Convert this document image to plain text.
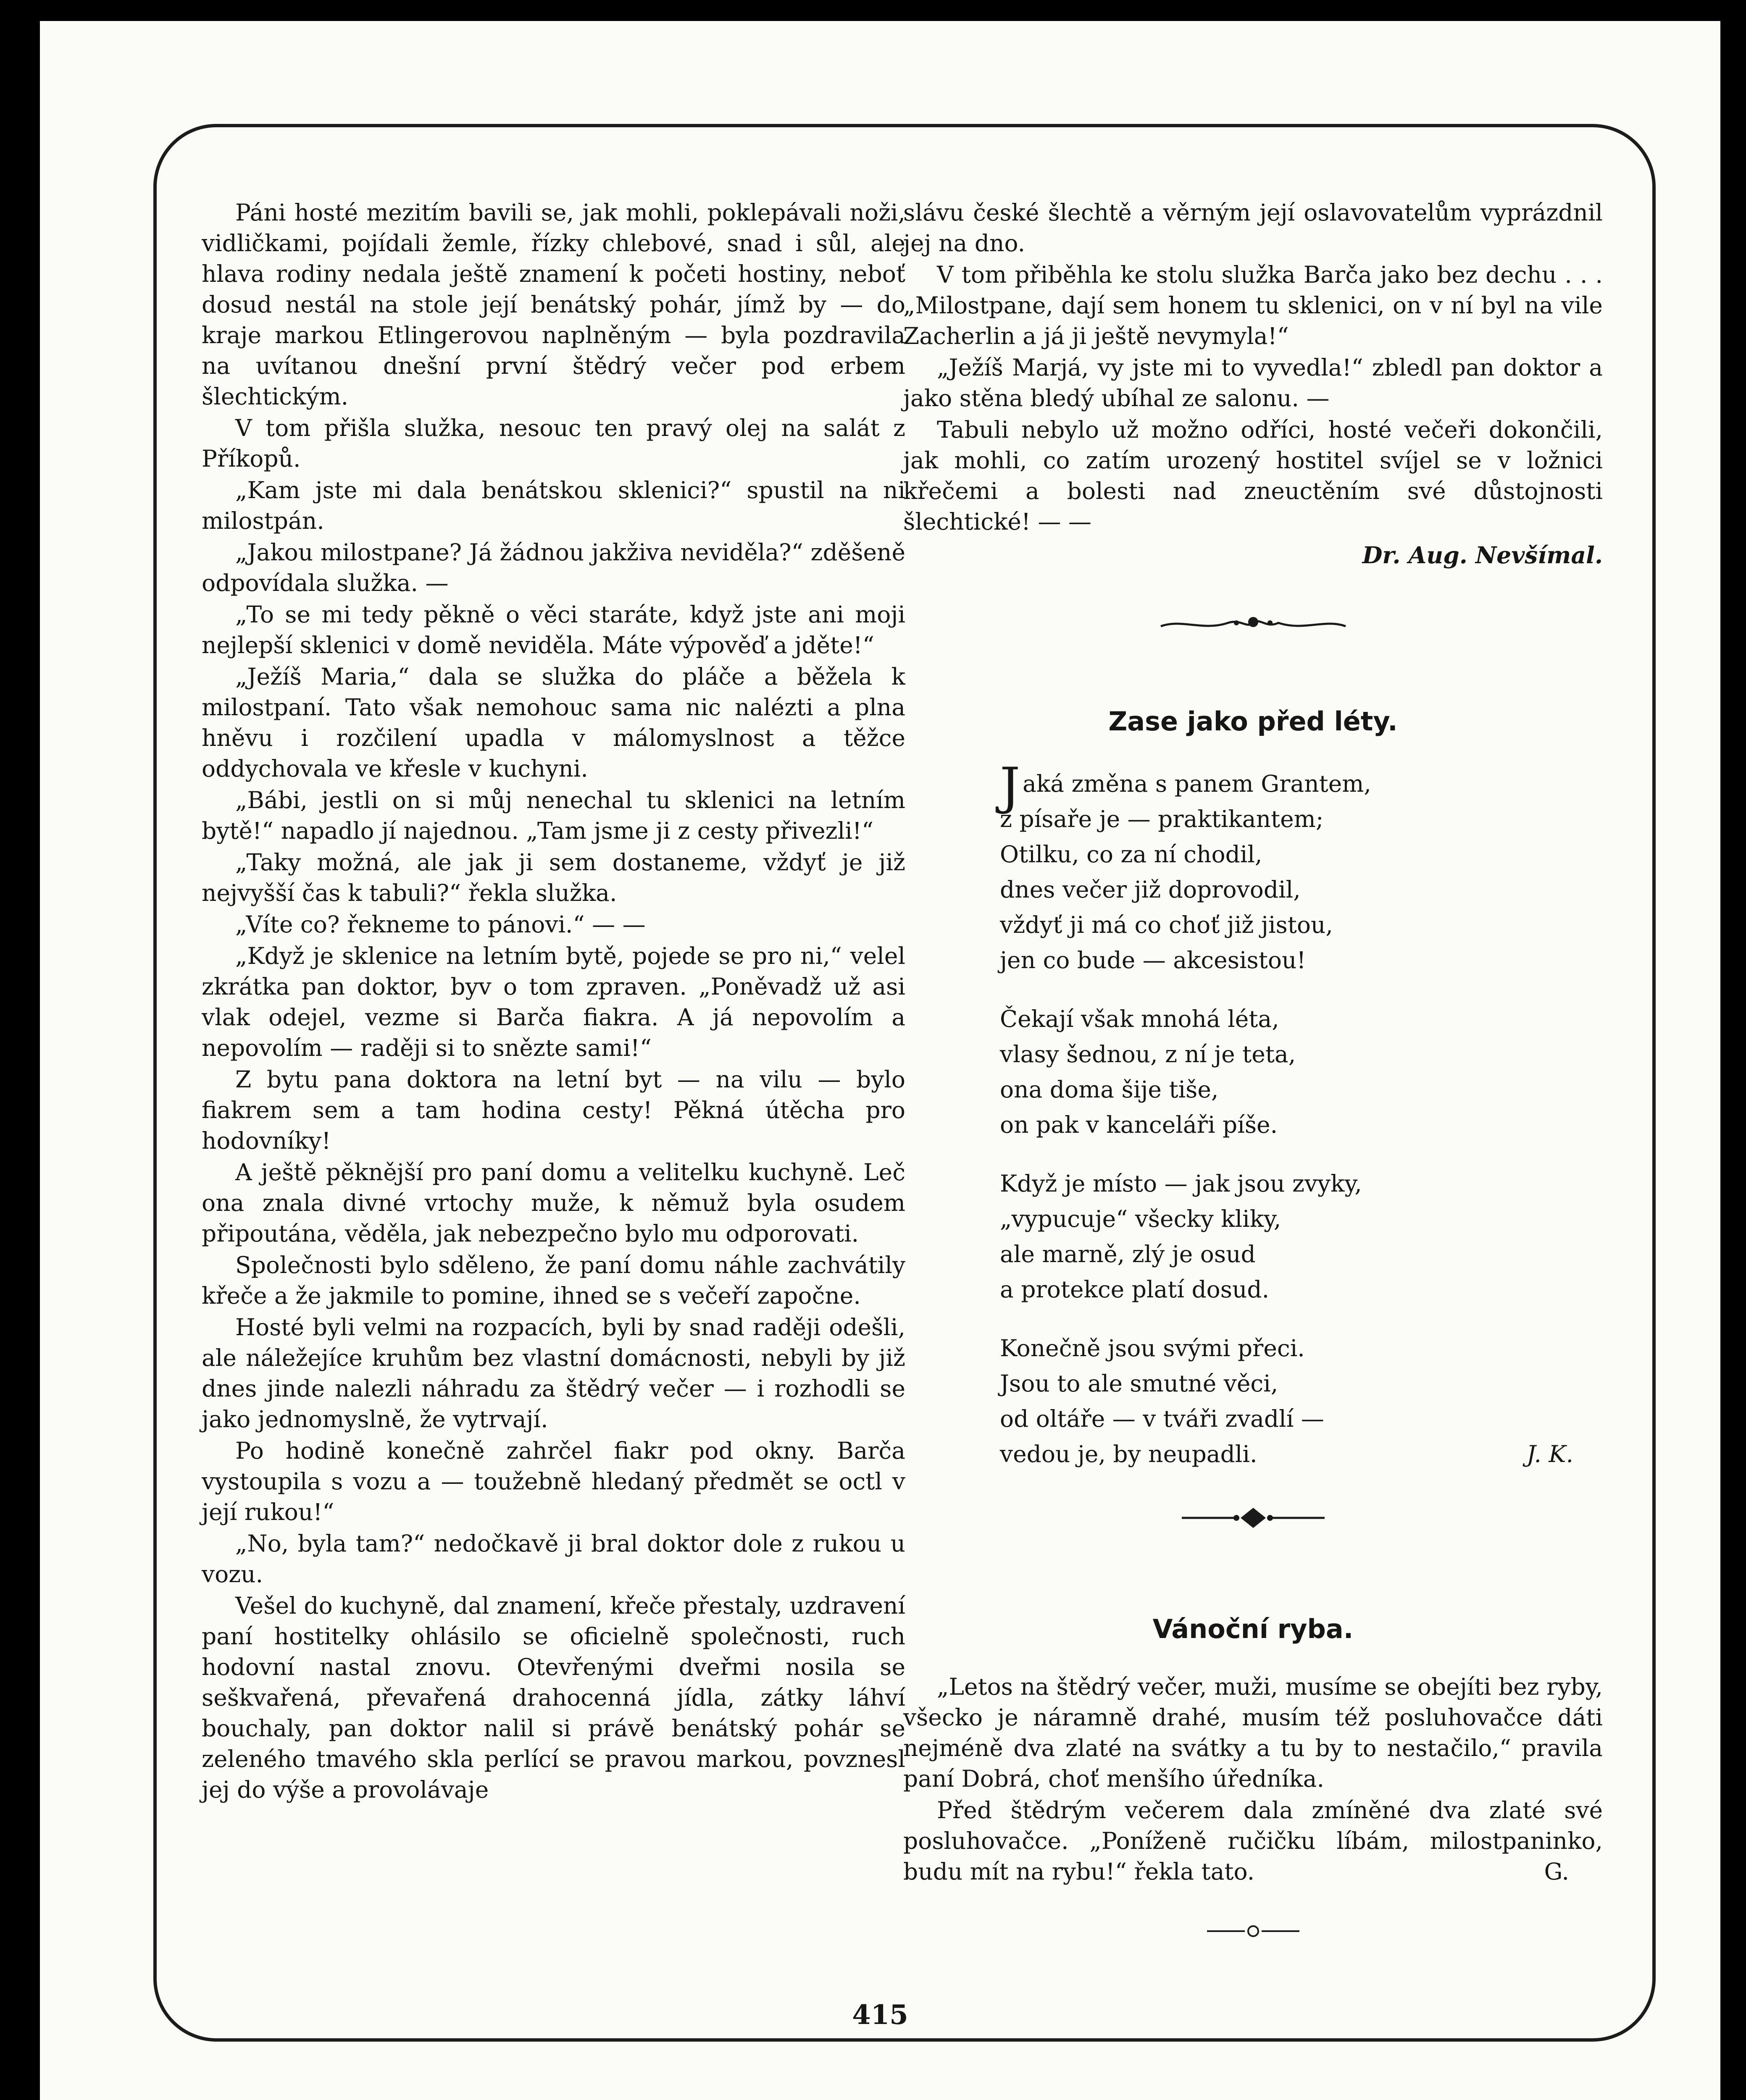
Páni hosté mezitím bavili se, jak mohli, poklepávali noži, vidličkami, pojídali žemle, řízky chlebové, snad i sůl, ale hlava rodiny nedala ještě znamení k početi hostiny, neboť dosud nestál na stole její benátský pohár, jímž by — do kraje markou Etlingerovou naplněným — byla pozdravila na uvítanou dnešní první štědrý večer pod erbem šlechtickým.

V tom přišla služka, nesouc ten pravý olej na salát z Příkopů.

„Kam jste mi dala benátskou sklenici?“ spustil na ni milostpán.

„Jakou milostpane? Já žádnou jakživa neviděla?“ zděšeně odpovídala služka. —

„To se mi tedy pěkně o věci staráte, když jste ani moji nejlepší sklenici v domě neviděla. Máte výpověď a jděte!“

„Ježíš Maria,“ dala se služka do pláče a běžela k milostpaní. Tato však nemohouc sama nic nalézti a plna hněvu i rozčilení upadla v málomyslnost a těžce oddychovala ve křesle v kuchyni.

„Bábi, jestli on si můj nenechal tu sklenici na letním bytě!“ napadlo jí najednou. „Tam jsme ji z cesty přivezli!“

„Taky možná, ale jak ji sem dostaneme, vždyť je již nejvyšší čas k tabuli?“ řekla služka.

„Víte co? řekneme to pánovi.“ — —

„Když je sklenice na letním bytě, pojede se pro ni,“ velel zkrátka pan doktor, byv o tom zpraven. „Poněvadž už asi vlak odejel, vezme si Barča fiakra. A já nepovolím a nepovolím — raději si to snězte sami!“

Z bytu pana doktora na letní byt — na vilu — bylo fiakrem sem a tam hodina cesty! Pěkná útěcha pro hodovníky!

A ještě pěknější pro paní domu a velitelku kuchyně. Leč ona znala divné vrtochy muže, k němuž byla osudem připoutána, věděla, jak nebezpečno bylo mu odporovati.

Společnosti bylo sděleno, že paní domu náhle zachvátily křeče a že jakmile to pomine, ihned se s večeří započne.

Hosté byli velmi na rozpacích, byli by snad raději odešli, ale náležejíce kruhům bez vlastní domácnosti, nebyli by již dnes jinde nalezli náhradu za štědrý večer — i rozhodli se jako jednomyslně, že vytrvají.

Po hodině konečně zahrčel fiakr pod okny. Barča vystoupila s vozu a — toužebně hledaný předmět se octl v její rukou!“

„No, byla tam?“ nedočkavě ji bral doktor dole z rukou u vozu.

Vešel do kuchyně, dal znamení, křeče přestaly, uzdravení paní hostitelky ohlásilo se oficielně společnosti, ruch hodovní nastal znovu. Otevřenými dveřmi nosila se seškvařená, převařená drahocenná jídla, zátky láhví bouchaly, pan doktor nalil si právě benátský pohár se zeleného tmavého skla perlící se pravou markou, povznesl jej do výše a provolávaje

slávu české šlechtě a věrným její oslavovatelům vyprázdnil jej na dno.

V tom přiběhla ke stolu služka Barča jako bez dechu . . . „Milostpane, dají sem honem tu sklenici, on v ní byl na vile Zacherlin a já ji ještě nevymyla!“

„Ježíš Marjá, vy jste mi to vyvedla!“ zbledl pan doktor a jako stěna bledý ubíhal ze salonu. —

Tabuli nebylo už možno odříci, hosté večeři dokončili, jak mohli, co zatím urozený hostitel svíjel se v ložnici křečemi a bolesti nad zneuctěním své důstojnosti šlechtické! — —

Dr. Aug. Nevšímal.
Zase jako před léty.
Jaká změna s panem Grantem,
z písaře je — praktikantem;
Otilku, co za ní chodil,
dnes večer již doprovodil,
vždyť ji má co choť již jistou,
jen co bude — akcesistou!
Čekají však mnohá léta,
vlasy šednou, z ní je teta,
ona doma šije tiše,
on pak v kanceláři píše.
Když je místo — jak jsou zvyky,
„vypucuje“ všecky kliky,
ale marně, zlý je osud
a protekce platí dosud.
Konečně jsou svými přeci.
Jsou to ale smutné věci,
od oltáře — v tváři zvadlí —
vedou je, by neupadli.	J. K.
Vánoční ryba.

„Letos na štědrý večer, muži, musíme se obejíti bez ryby, všecko je náramně drahé, musím též posluhovačce dáti nejméně dva zlaté na svátky a tu by to nestačilo,“ pravila paní Dobrá, choť menšího úředníka.

Před štědrým večerem dala zmíněné dva zlaté své posluhovačce. „Poníženě ručičku líbám, milostpaninko, budu mít na rybu!“ řekla tato.	G.

415
